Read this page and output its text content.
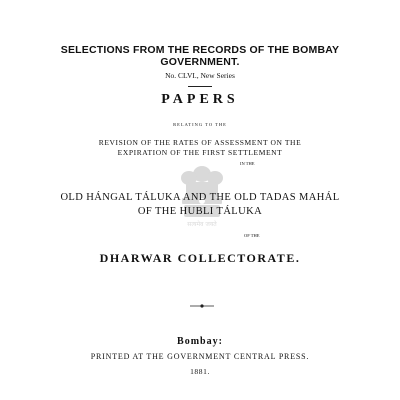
सत्यमेव जयते
SELECTIONS FROM THE RECORDS OF THE BOMBAY
GOVERNMENT.
No. CLVI., New Series
PAPERS
RELATING TO THE
REVISION OF THE RATES OF ASSESSMENT ON THE
EXPIRATION OF THE FIRST SETTLEMENT
IN THE
OLD HÁNGAL TÁLUKA AND THE OLD TADAS MAHÁL
OF THE HUBLI TÁLUKA
OF THE
DHARWAR COLLECTORATE.
Bombay:
PRINTED AT THE GOVERNMENT CENTRAL PRESS.
1881.
